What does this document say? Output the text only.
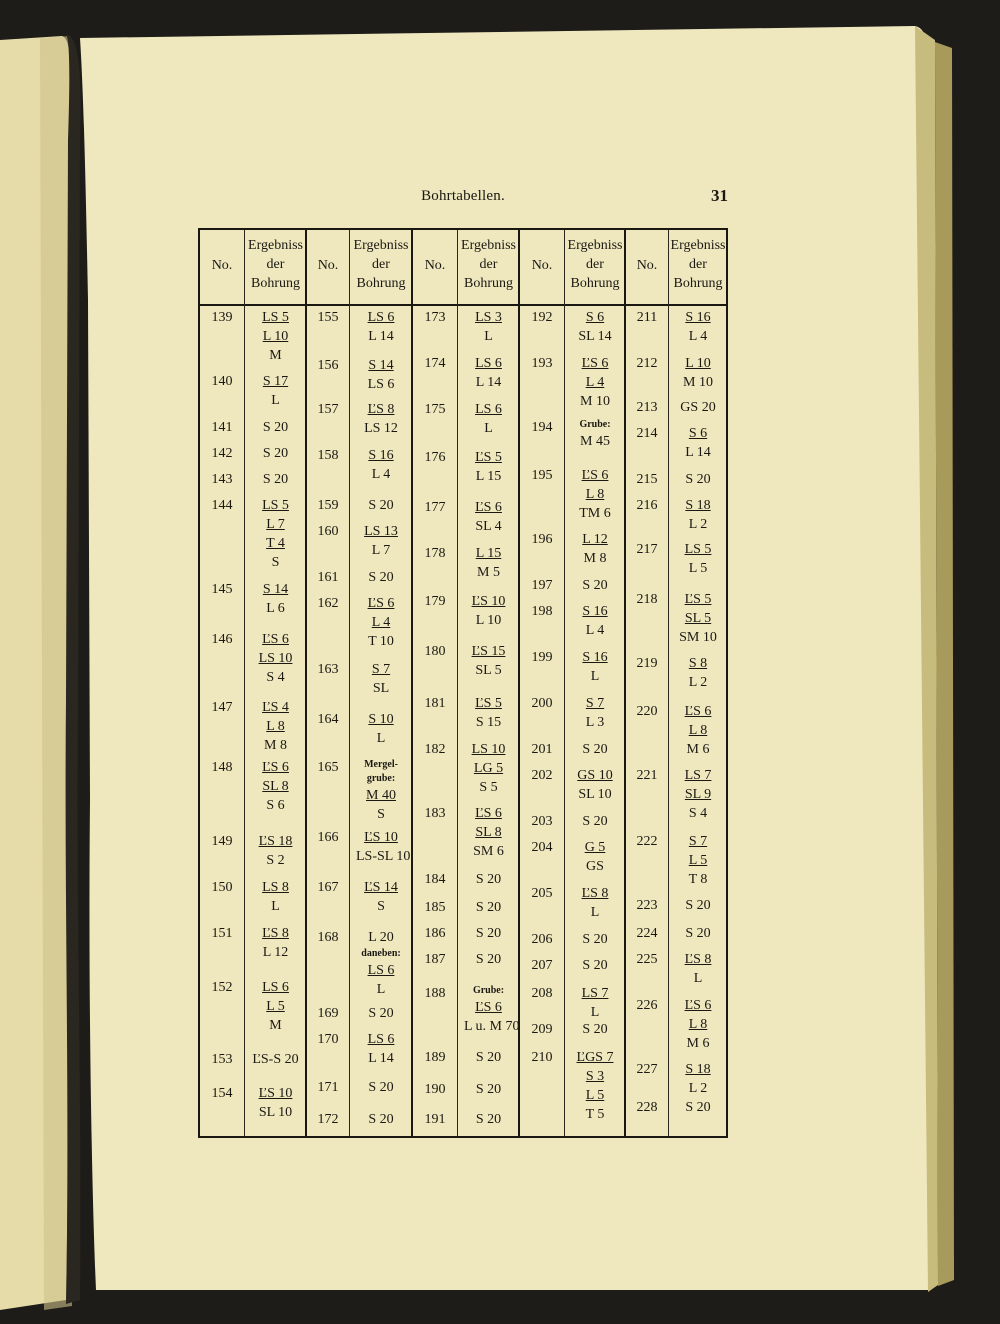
Bohrtabellen.	31
No.
Ergebniss
der
Bohrung
139	LS 5
L 10
M
140	S 17
L
141	S 20
142	S 20
143	S 20
144	LS 5
L 7
T 4
S
145	S 14
L 6
146	ĽS 6
LS 10
S 4
147	ĽS 4
L 8
M 8
148	ĽS 6
SL 8
S 6
149	ĽS 18
S 2
150	LS 8
L
151	ĽS 8
L 12
152	LS 6
L 5
M
153	ĽS-S 20
154	ĽS 10
SL 10
No.
Ergebniss
der
Bohrung
155	LS 6
L 14
156	S 14
LS 6
157	ĽS 8
LS 12
158	S 16
L 4
159	S 20
160	LS 13
L 7
161	S 20
162	ĽS 6
L 4
T 10
163	S 7
SL
164	S 10
L
165	Mergel-
grube:
M 40
S
166	ĽS 10
LS-SL 10
167	ĽS 14
S
168	L 20
daneben:
LS 6
L
169	S 20
170	LS 6
L 14
171	S 20
172	S 20
No.
Ergebniss
der
Bohrung
173	LS 3
L
174	LS 6
L 14
175	LS 6
L
176	ĽS 5
L 15
177	ĽS 6
SL 4
178	L 15
M 5
179	ĽS 10
L 10
180	ĽS 15
SL 5
181	ĽS 5
S 15
182	LS 10
LG 5
S 5
183	ĽS 6
SL 8
SM 6
184	S 20
185	S 20
186	S 20
187	S 20
188	Grube:
ĽS 6
L u. M 70
189	S 20
190	S 20
191	S 20
No.
Ergebniss
der
Bohrung
192	S 6
SL 14
193	ĽS 6
L 4
M 10
194	Grube:
M 45
195	ĽS 6
L 8
TM 6
196	L 12
M 8
197	S 20
198	S 16
L 4
199	S 16
L
200	S 7
L 3
201	S 20
202	GS 10
SL 10
203	S 20
204	G 5
GS
205	ĽS 8
L
206	S 20
207	S 20
208	LS 7
L
209	S 20
210	ĽGS 7
S 3
L 5
T 5
No.
Ergebniss
der
Bohrung
211	S 16
L 4
212	L 10
M 10
213	GS 20
214	S 6
L 14
215	S 20
216	S 18
L 2
217	LS 5
L 5
218	ĽS 5
SL 5
SM 10
219	S 8
L 2
220	ĽS 6
L 8
M 6
221	LS 7
SL 9
S 4
222	S 7
L 5
T 8
223	S 20
224	S 20
225	ĽS 8
L
226	ĽS 6
L 8
M 6
227	S 18
L 2
228	S 20
